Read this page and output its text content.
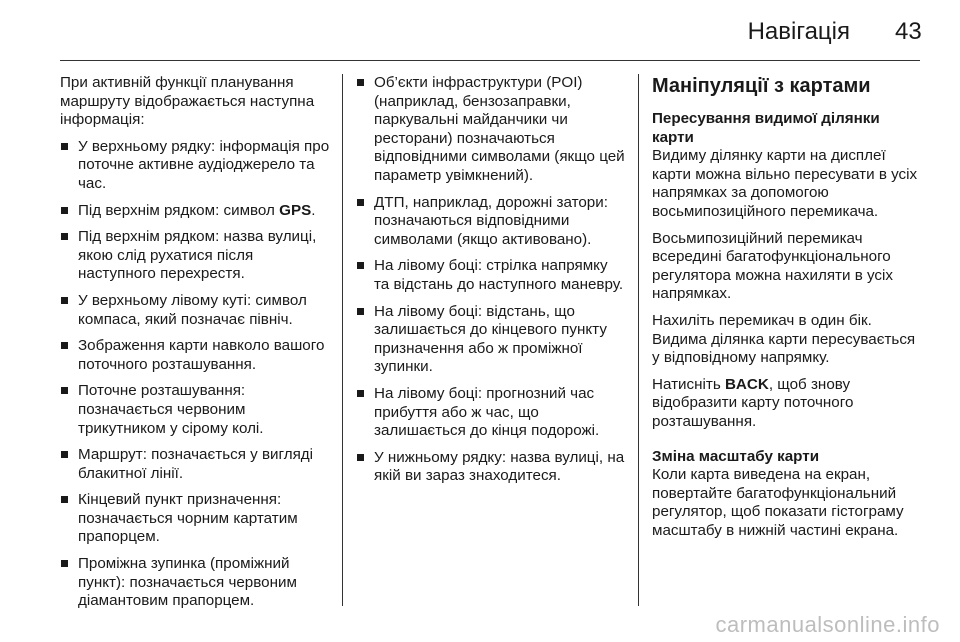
Навігація 43

При активній функції планування маршруту відображається наступна інформація:

У верхньому рядку: інформація про поточне активне аудіоджерело та час.
Під верхнім рядком: символ GPS.
Під верхнім рядком: назва вулиці, якою слід рухатися після наступного перехрестя.
У верхньому лівому куті: символ компаса, який позначає північ.
Зображення карти навколо вашого поточного розташування.
Поточне розташування: позначається червоним трикутником у сірому колі.
Маршрут: позначається у вигляді блакитної лінії.
Кінцевий пункт призначення: позначається чорним картатим прапорцем.
Проміжна зупинка (проміжний пункт): позначається червоним діамантовим прапорцем.
Об’єкти інфраструктури (POI) (наприклад, бензозаправки, паркувальні майданчики чи ресторани) позначаються відповідними символами (якщо цей параметр увімкнений).
ДТП, наприклад, дорожні затори: позначаються відповідними символами (якщо активовано).
На лівому боці: стрілка напрямку та відстань до наступного маневру.
На лівому боці: відстань, що залишається до кінцевого пункту призначення або ж проміжної зупинки.
На лівому боці: прогнозний час прибуття або ж час, що залишається до кінця подорожі.
У нижньому рядку: назва вулиці, на якій ви зараз знаходитеся.
Маніпуляції з картами

Пересування видимої ділянки карти

Видиму ділянку карти на дисплеї карти можна вільно пересувати в усіх напрямках за допомогою восьмипозиційного перемикача.

Восьмипозиційний перемикач всередині багатофункціонального регулятора можна нахиляти в усіх напрямках.

Нахиліть перемикач в один бік. Видима ділянка карти пересувається у відповідному напрямку.

Натисніть BACK, щоб знову відобразити карту поточного розташування.

Зміна масштабу карти

Коли карта виведена на екран, повертайте багатофункціональний регулятор, щоб показати гістограму масштабу в нижній частині екрана.

carmanualsonline.info
